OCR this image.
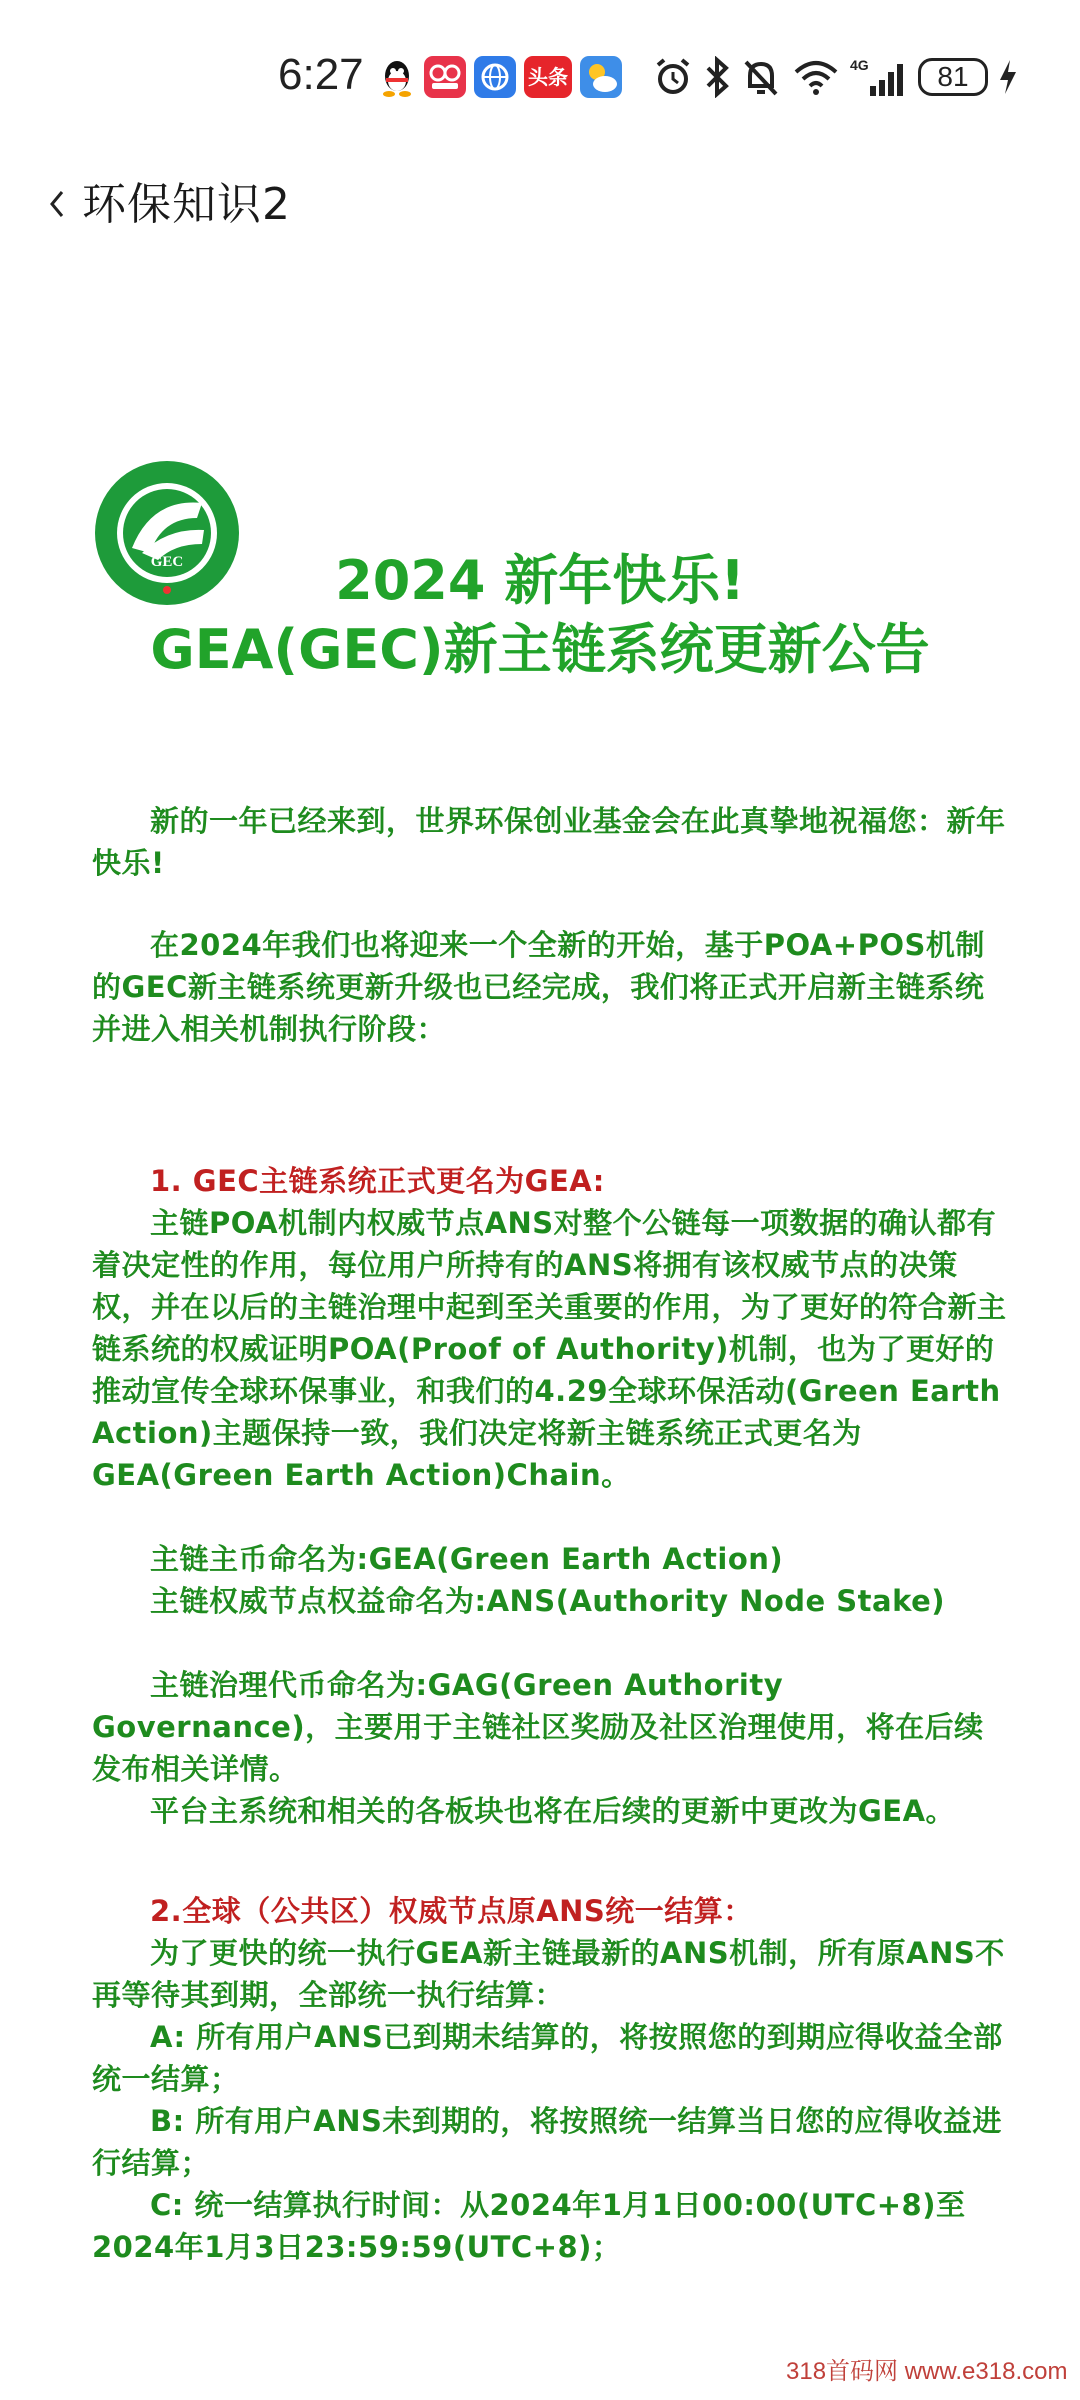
6:27	头条	4G	81
环保知识2
GEC	2024 新年快乐!
GEA(GEC)新主链系统更新公告
新的一年已经来到，世界环保创业基金会在此真挚地祝福您：新年快乐!
在2024年我们也将迎来一个全新的开始，基于POA+POS机制的GEC新主链系统更新升级也已经完成，我们将正式开启新主链系统并进入相关机制执行阶段：
1. GEC主链系统正式更名为GEA:
主链POA机制内权威节点ANS对整个公链每一项数据的确认都有着决定性的作用，每位用户所持有的ANS将拥有该权威节点的决策权，并在以后的主链治理中起到至关重要的作用，为了更好的符合新主链系统的权威证明POA(Proof of Authority)机制，也为了更好的推动宣传全球环保事业，和我们的4.29全球环保活动(Green Earth Action)主题保持一致，我们决定将新主链系统正式更名为GEA(Green Earth Action)Chain。
主链主币命名为:GEA(Green Earth Action)
主链权威节点权益命名为:ANS(Authority Node Stake)
主链治理代币命名为:GAG(Green Authority Governance)，主要用于主链社区奖励及社区治理使用，将在后续发布相关详情。
平台主系统和相关的各板块也将在后续的更新中更改为GEA。
2.全球（公共区）权威节点原ANS统一结算：
为了更快的统一执行GEA新主链最新的ANS机制，所有原ANS不再等待其到期，全部统一执行结算：
A: 所有用户ANS已到期未结算的，将按照您的到期应得收益全部统一结算；
B: 所有用户ANS未到期的，将按照统一结算当日您的应得收益进行结算；
C: 统一结算执行时间：从2024年1月1日00:00(UTC+8)至2024年1月3日23:59:59(UTC+8)；
318首码网 www.e318.com
